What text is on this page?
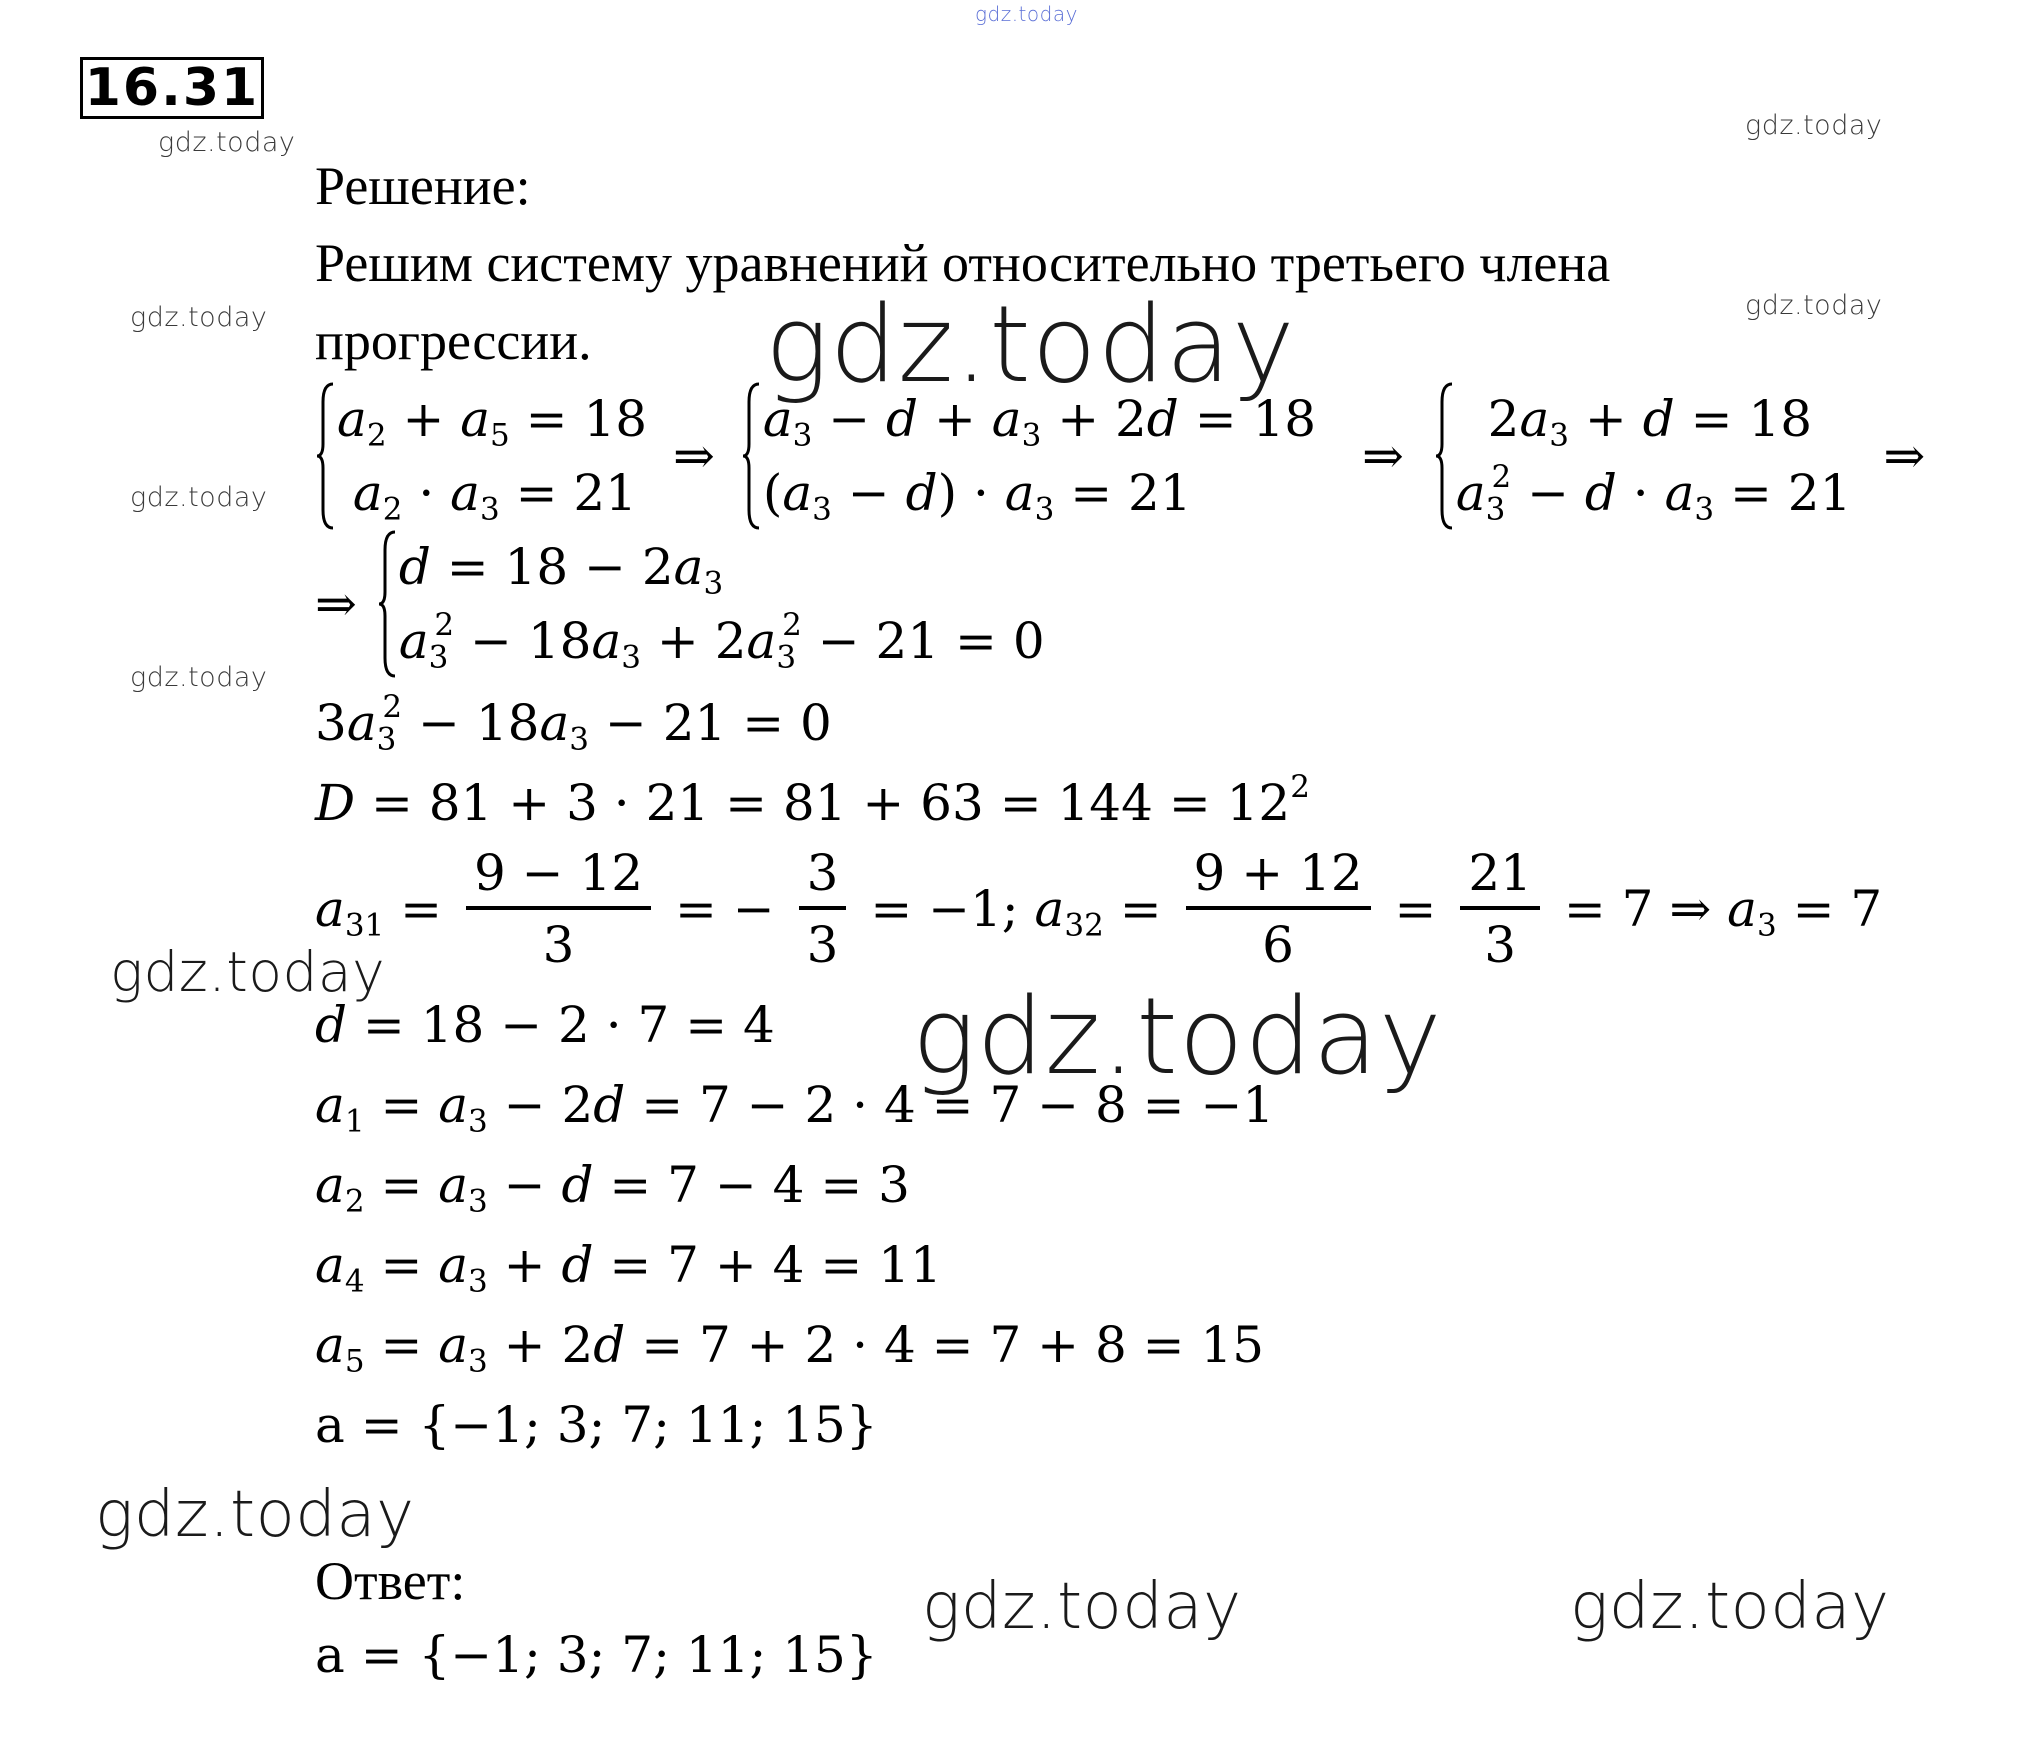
gdz.today
gdz.today
gdz.today
gdz.today
gdz.today
gdz.today
gdz.today
gdz.today
gdz.today
gdz.today
gdz.today
gdz.today	gdz.today
16.31
Решение:
Решим систему уравнений относительно третьего члена
прогрессии.
$a_2 + a_5 = 18$
$a_2 \cdot a_3 = 21$
⇒
$a_3 - d + a_3 + 2d = 18$
$(a_3 - d) \cdot a_3 = 21$
⇒
$2a_3 + d = 18$
$a_3^2 - d \cdot a_3 = 21$
⇒
⇒
$d = 18 - 2a_3$
$a_3^2 - 18a_3 + 2a_3^2 - 21 = 0$
$3a_3^2 - 18a_3 - 21 = 0$
$D = 81 + 3 \cdot 21 = 81 + 63 = 144 = 12^2$
$a_{31} = \frac{9 - 12}{3}$ = − $\frac{3}{3} = -1$; $a_{32} = \frac{9 + 12}{6} = \frac{21}{3} = 7$ ⇒ $a_3 = 7$
d = 18 − 2 · 7 = 4
$a_1 = a_3 - 2d = 7 - 2 \cdot 4 = 7 - 8 = -1$
$a_2 = a_3 - d = 7 - 4 = 3$
$a_4 = a_3 + d = 7 + 4 = 11$
$a_5 = a_3 + 2d = 7 + 2 \cdot 4 = 7 + 8 = 15$
a = {−1; 3; 7; 11; 15}
Ответ:
a = {−1; 3; 7; 11; 15}
